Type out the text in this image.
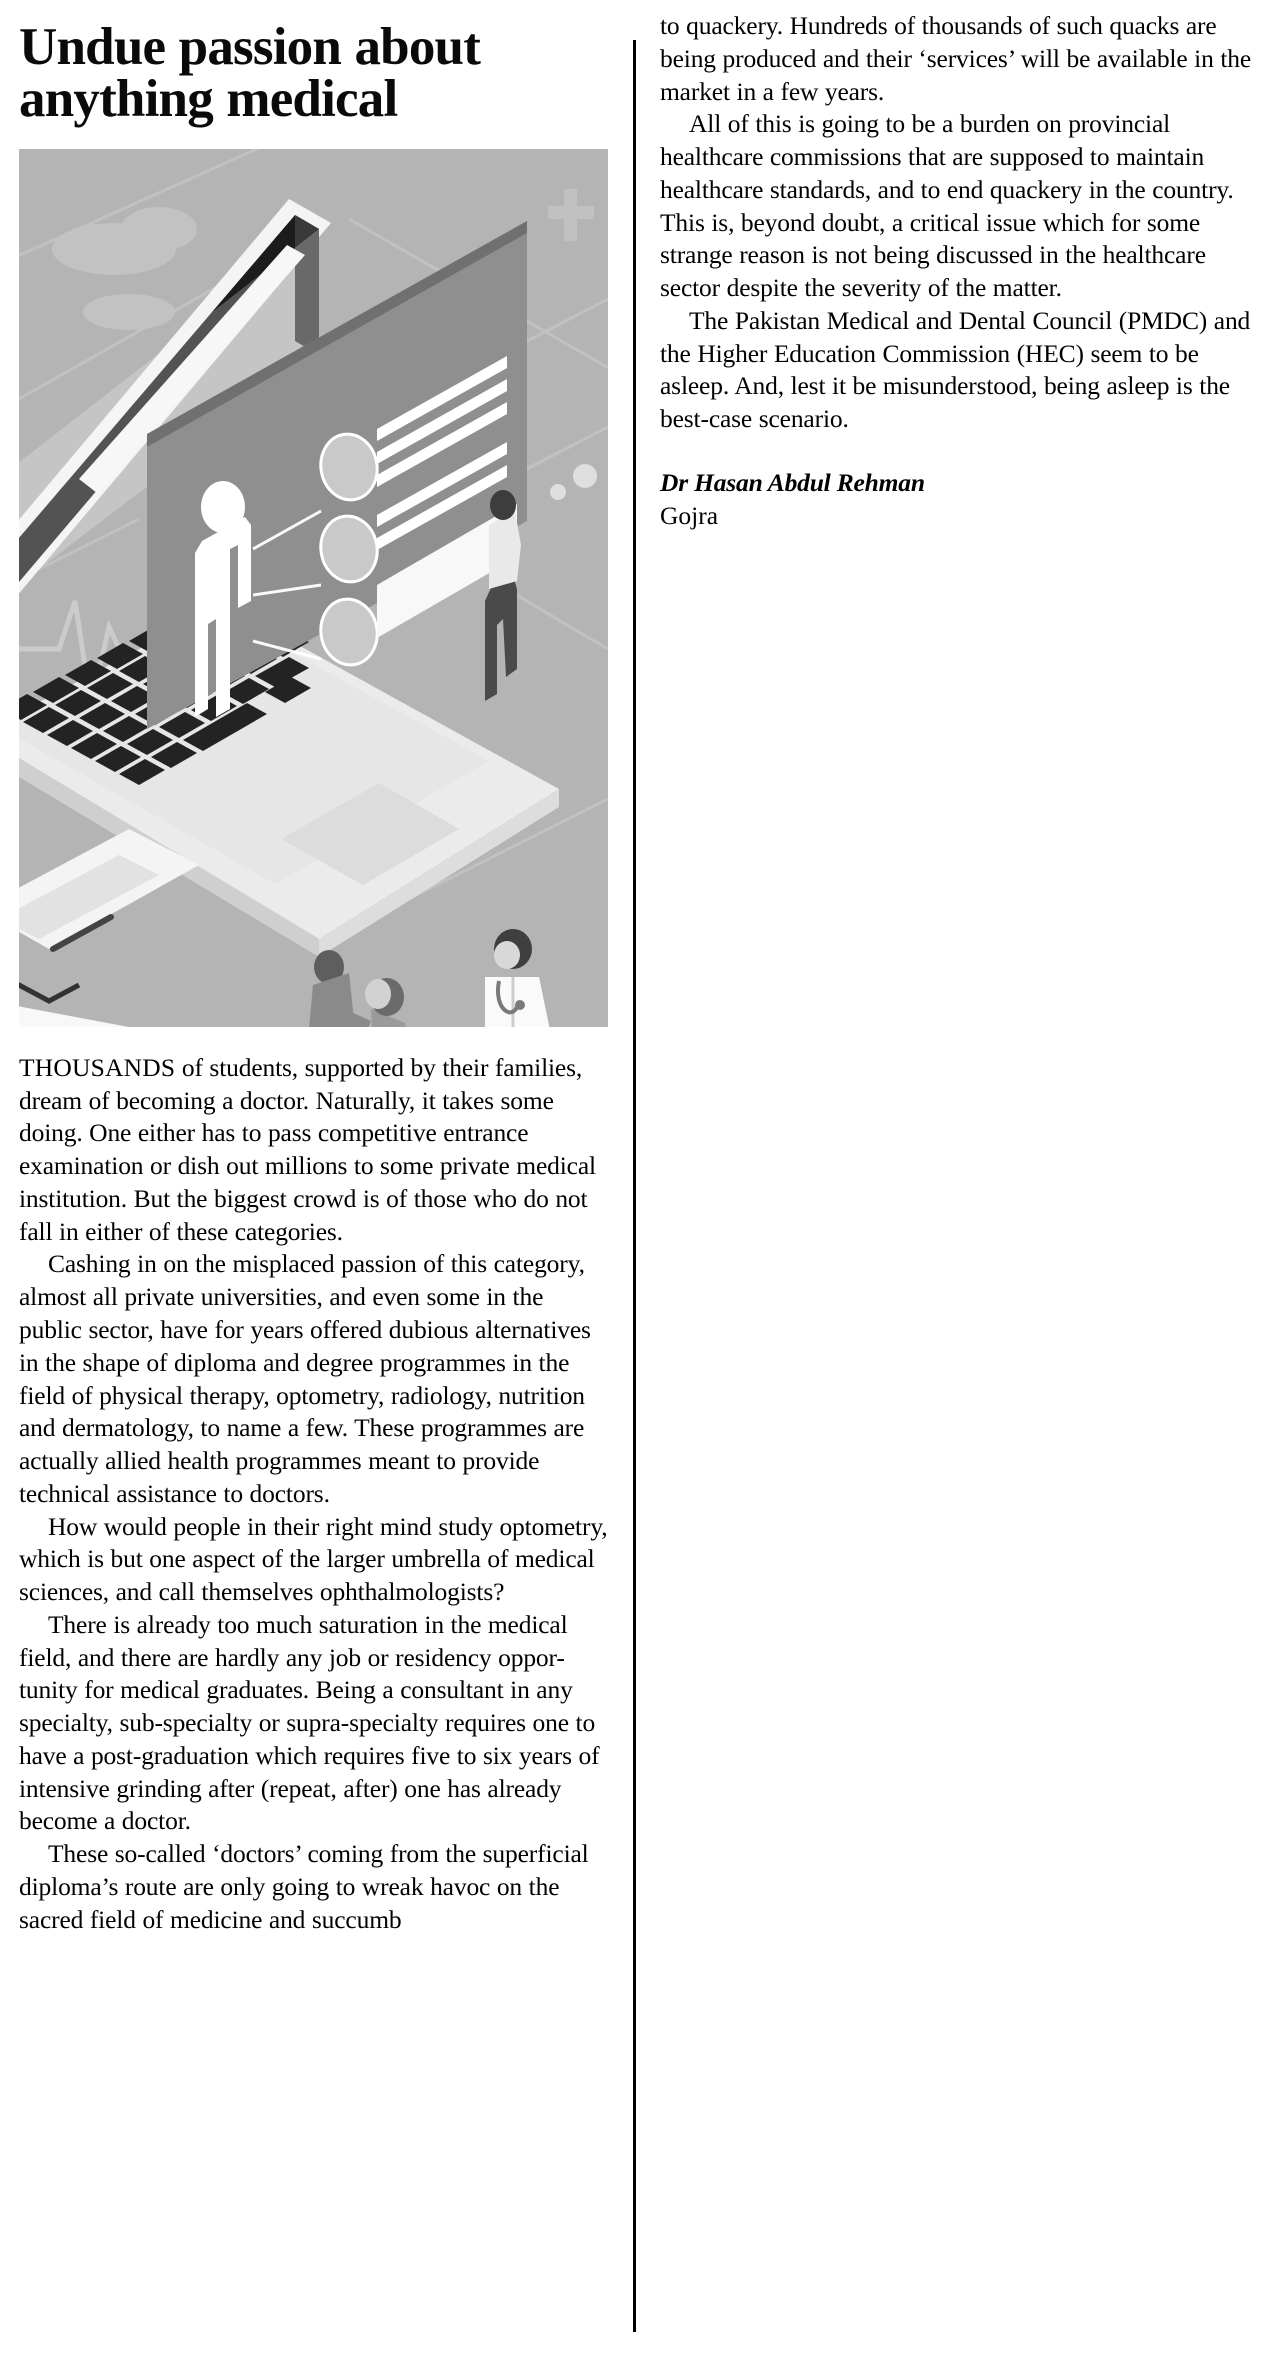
Undue passion about anything medical

THOUSANDS of students, supported by their families, dream of becoming a doctor. Naturally, it takes some doing. One either has to pass competitive entrance examination or dish out millions to some private medical institution. But the biggest crowd is of those who do not fall in either of these categories.

Cashing in on the misplaced passion of this category, almost all private universities, and even some in the public sector, have for years offered dubious alternatives in the shape of diploma and degree programmes in the field of physical therapy, optometry, radiology, nutrition and dermatology, to name a few. These programmes are actually allied health programmes meant to provide technical assistance to doctors.

How would people in their right mind study optometry, which is but one aspect of the larger umbrella of medical sciences, and call themselves ophthalmologists?

There is already too much saturation in the medical field, and there are hardly any job or residency oppor-tunity for medical graduates. Being a consultant in any specialty, sub-specialty or supra-specialty requires one to have a post-graduation which requires five to six years of intensive grinding after (repeat, after) one has already become a doctor.

These so-called ‘doctors’ coming from the superficial diploma’s route are only going to wreak havoc on the sacred field of medicine and succumb

to quackery. Hundreds of thousands of such quacks are being produced and their ‘services’ will be available in the market in a few years.

All of this is going to be a burden on provincial healthcare commissions that are supposed to maintain healthcare standards, and to end quackery in the country. This is, beyond doubt, a critical issue which for some strange reason is not being discussed in the healthcare sector despite the severity of the matter.

The Pakistan Medical and Dental Council (PMDC) and the Higher Education Commission (HEC) seem to be asleep. And, lest it be misunderstood, being asleep is the best-case scenario.

Dr Hasan Abdul Rehman
Gojra
